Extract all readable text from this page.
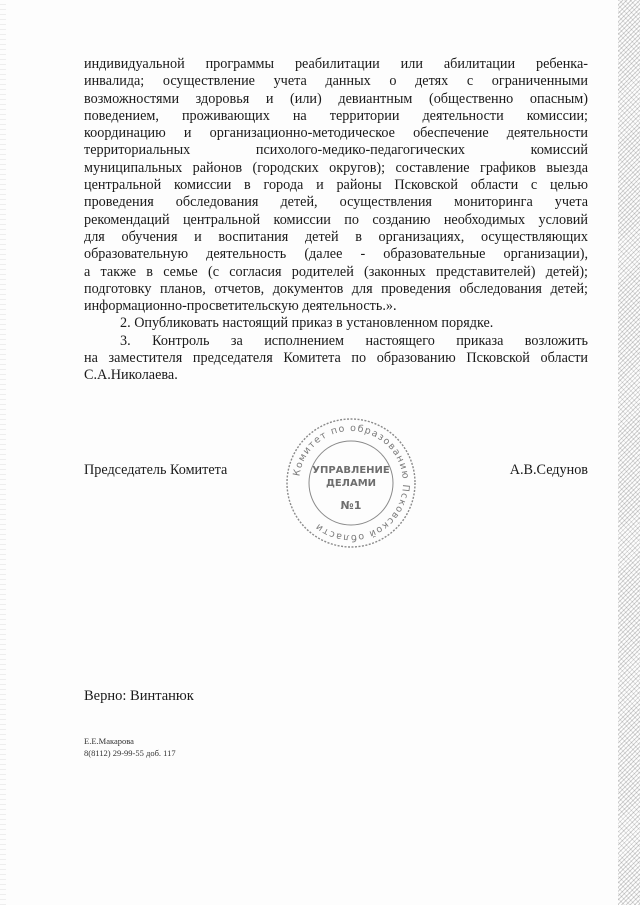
индивидуальной программы реабилитации или абилитации ребенка-
инвалида; осуществление учета данных о детях с ограниченными
возможностями здоровья и (или) девиантным (общественно опасным)
поведением, проживающих на территории деятельности комиссии;
координацию и организационно-методическое обеспечение деятельности
территориальных психолого-медико-педагогических комиссий
муниципальных районов (городских округов); составление графиков выезда
центральной комиссии в города и районы Псковской области с целью
проведения обследования детей, осуществления мониторинга учета
рекомендаций центральной комиссии по созданию необходимых условий
для обучения и воспитания детей в организациях, осуществляющих
образовательную деятельность (далее - образовательные организации),
а также в семье (с согласия родителей (законных представителей) детей);
подготовку планов, отчетов, документов для проведения обследования детей;
информационно-просветительскую деятельность.».
2. Опубликовать настоящий приказ в установленном порядке.
3. Контроль за исполнением настоящего приказа возложить
на заместителя председателя Комитета по образованию Псковской области
С.А.Николаева.
Председатель Комитета	А.В.Седунов
Комитет по образованию Псковской области
УПРАВЛЕНИЕ
ДЕЛАМИ
№1
Верно: Винтанюк
Е.Е.Макарова
8(8112) 29-99-55 доб. 117
